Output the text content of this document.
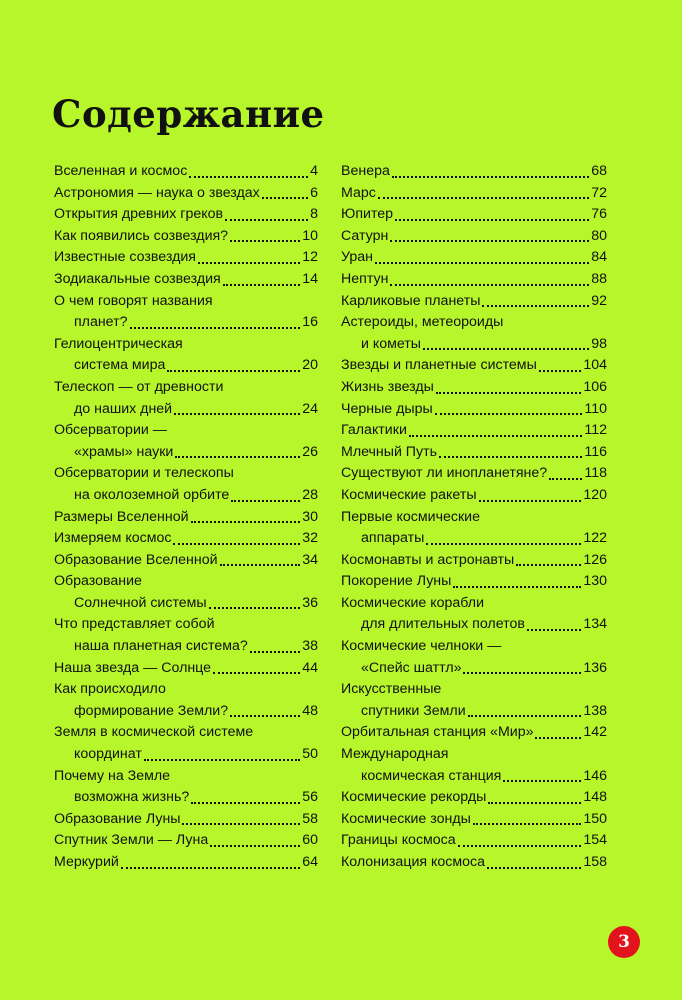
Содержание
Вселенная и космос	4
Астрономия — наука о звездах	6
Открытия древних греков	8
Как появились созвездия?	10
Известные созвездия	12
Зодиакальные созвездия	14
О чем говорят названия
планет?	16
Гелиоцентрическая
система мира	20
Телескоп — от древности
до наших дней	24
Обсерватории —
«храмы» науки	26
Обсерватории и телескопы
на околоземной орбите	28
Размеры Вселенной	30
Измеряем космос	32
Образование Вселенной	34
Образование
Солнечной системы	36
Что представляет собой
наша планетная система?	38
Наша звезда — Солнце	44
Как происходило
формирование Земли?	48
Земля в космической системе
координат	50
Почему на Земле
возможна жизнь?	56
Образование Луны	58
Спутник Земли — Луна	60
Меркурий	64
Венера	68
Марс	72
Юпитер	76
Сатурн	80
Уран	84
Нептун	88
Карликовые планеты	92
Астероиды, метеороиды
и кометы	98
Звезды и планетные системы	104
Жизнь звезды	106
Черные дыры	110
Галактики	112
Млечный Путь	116
Существуют ли инопланетяне?	118
Космические ракеты	120
Первые космические
аппараты	122
Космонавты и астронавты	126
Покорение Луны	130
Космические корабли
для длительных полетов	134
Космические челноки —
«Спейс шаттл»	136
Искусственные
спутники Земли	138
Орбитальная станция «Мир»	142
Международная
космическая станция	146
Космические рекорды	148
Космические зонды	150
Границы космоса	154
Колонизация космоса	158
3
